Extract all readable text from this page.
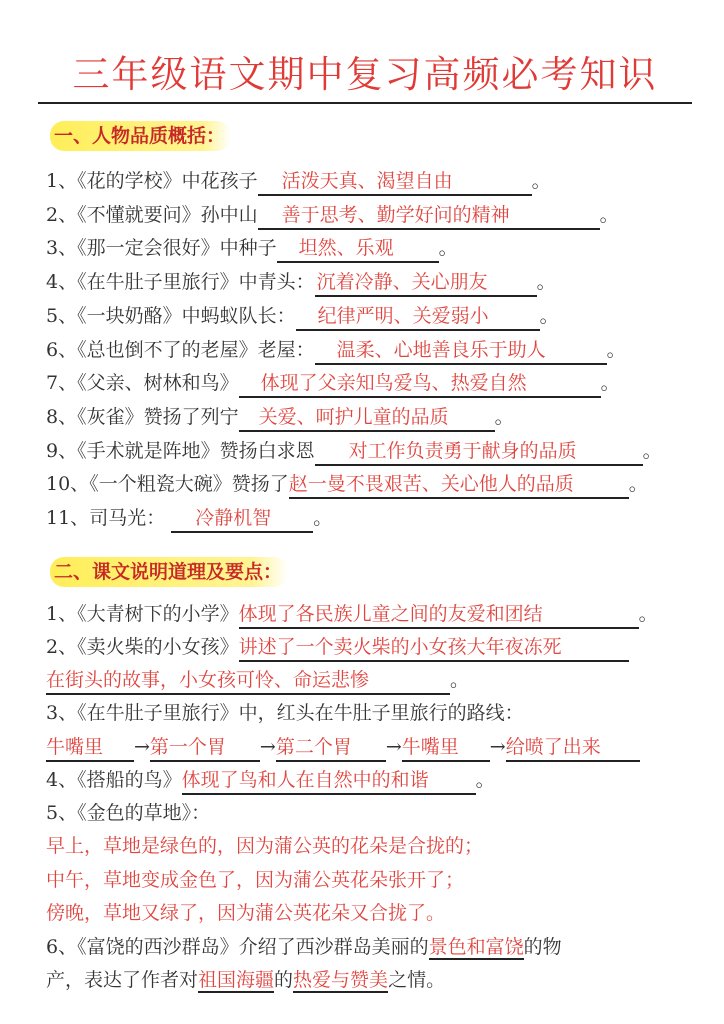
三年级语文期中复习高频必考知识
一、人物品质概括：
1、《花的学校》中花孩子 活泼天真、渴望自由	。
2、《不懂就要问》孙中山 善于思考、勤学好问的精神	。
3、《那一定会很好》中种子 坦然、乐观 。
4、《在牛肚子里旅行》中青头： 沉着冷静、关心朋友	。
5、《一块奶酪》中蚂蚁队长： 纪律严明、关爱弱小	。
6、《总也倒不了的老屋》老屋： 温柔、心地善良乐于助人	。
7、《父亲、树林和鸟》 体现了父亲知鸟爱鸟、热爱自然	。
8、《灰雀》赞扬了列宁 关爱、呵护儿童的品质 。
9、《手术就是阵地》赞扬白求恩 对工作负责勇于献身的品质	。
10、《一个粗瓷大碗》赞扬了赵一曼不畏艰苦、关心他人的品质	。
11、司马光： 冷静机智 。
二、课文说明道理及要点：
1、《大青树下的小学》体现了各民族儿童之间的友爱和团结	。
2、《卖火柴的小女孩》讲述了一个卖火柴的小女孩大年夜冻死
在街头的故事，小女孩可怜、命运悲惨	。
3、《在牛肚子里旅行》中，红头在牛肚子里旅行的路线：
牛嘴里 →第一个胃 →第二个胃 →牛嘴里 →给喷了出来
4、《搭船的鸟》体现了鸟和人在自然中的和谐 。
5、《金色的草地》：
早上，草地是绿色的，因为蒲公英的花朵是合拢的；
中午，草地变成金色了，因为蒲公英花朵张开了；
傍晚，草地又绿了，因为蒲公英花朵又合拢了。
6、《富饶的西沙群岛》介绍了西沙群岛美丽的景色和富饶的物
产，表达了作者对祖国海疆的热爱与赞美之情。
